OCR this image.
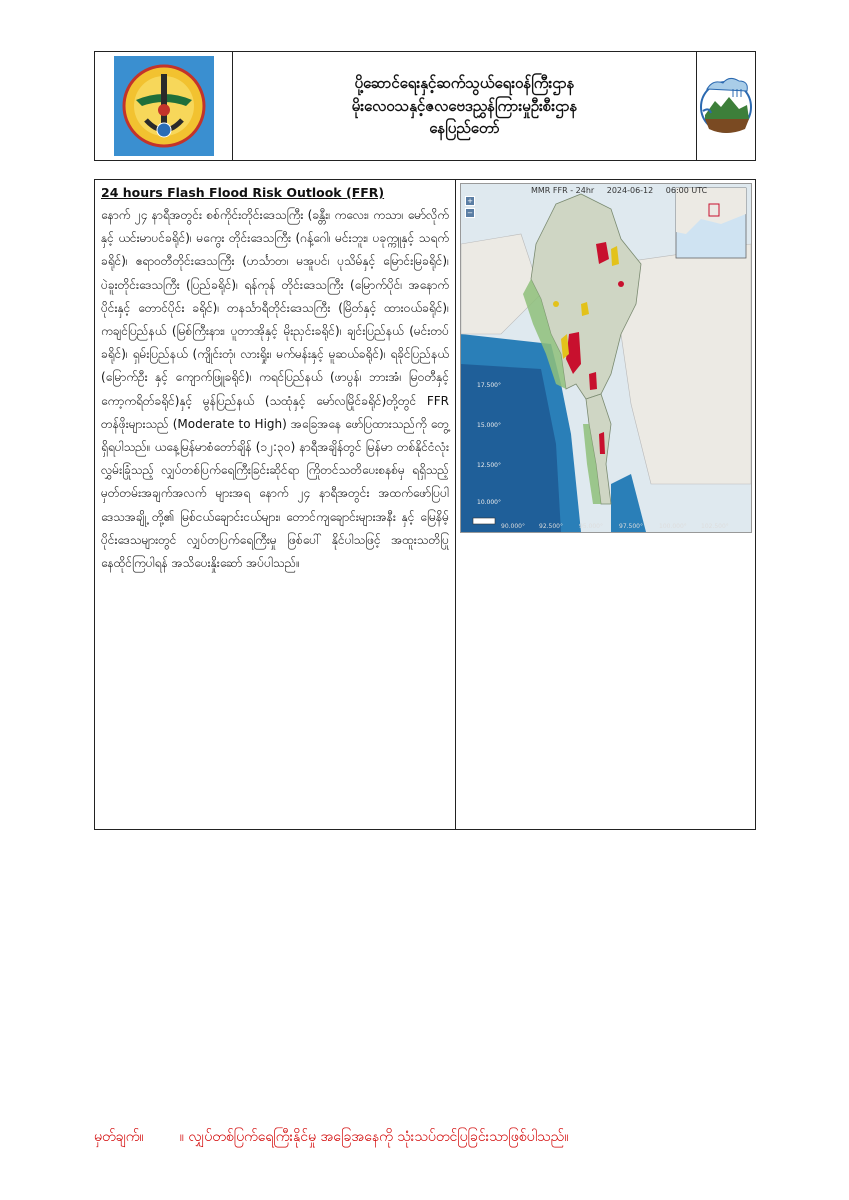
ပို့ဆောင်ရေးနှင့်ဆက်သွယ်ရေးဝန်ကြီးဌာန
မိုးလေဝသနှင့်ဇလဗေဒညွှန်ကြားမှုဦးစီးဌာန
နေပြည်တော်

24 hours Flash Flood Risk Outlook (FFR)

နောက် ၂၄ နာရီအတွင်း စစ်ကိုင်းတိုင်းဒေသကြီး (ခန္တီး၊ ကလေး၊ ကသာ၊ မော်လိုက်နှင့် ယင်းမာပင်ခရိုင်)၊ မကွေး တိုင်းဒေသကြီး (ဂန့်ဂေါ၊ မင်းဘူး၊ ပခုက္ကူနှင့် သရက်ခရိုင်)၊ ဧရာဝတီတိုင်းဒေသကြီး (ဟင်္သာတ၊ မအူပင်၊ ပုသိမ်နှင့် မြောင်းမြခရိုင်)၊ ပဲခူးတိုင်းဒေသကြီး (ပြည်ခရိုင်)၊ ရန်ကုန် တိုင်းဒေသကြီး (မြောက်ပိုင်၊ အနောက်ပိုင်းနှင့် တောင်ပိုင်း ခရိုင်)၊ တနင်္သာရီတိုင်းဒေသကြီး (မြိတ်နှင့် ထားဝယ်ခရိုင်)၊ ကချင်ပြည်နယ် (မြစ်ကြီးနား၊ ပူတာအိုနှင့် မိုးညှင်းခရိုင်)၊ ချင်းပြည်နယ် (မင်းတပ်ခရိုင်)၊ ရှမ်းပြည်နယ် (ကျိုင်းတုံ၊ လားရှိုး၊ မက်မန်းနှင့် မူဆယ်ခရိုင်)၊ ရခိုင်ပြည်နယ် (မြောက်ဦး နှင့် ကျောက်ဖြူခရိုင်)၊ ကရင်ပြည်နယ် (ဖာပွန်၊ ဘားအံ၊ မြဝတီနှင့် ကော့ကရိတ်ခရိုင်)နှင့် မွန်ပြည်နယ် (သထုံနှင့် မော်လမြိုင်ခရိုင်)တို့တွင် FFR တန်ဖိုးများသည် (Moderate to High) အခြေအနေ ဖော်ပြထားသည်ကို တွေ့ရှိရပါသည်။ ယနေ့မြန်မာစံတော်ချိန် (၁၂:၃၀) နာရီအချိန်တွင် မြန်မာ တစ်နိုင်ငံလုံး လွှမ်းခြုံသည့် လျှပ်တစ်ပြက်ရေကြီးခြင်းဆိုင်ရာ ကြိုတင်သတိပေးစနစ်မှ ရရှိသည့် မှတ်တမ်းအချက်အလက် များအရ နောက် ၂၄ နာရီအတွင်း အထက်ဖော်ပြပါ ဒေသအချို့ တို့၏ မြစ်ငယ်ချောင်းငယ်များ၊ တောင်ကျချောင်းများအနီး နှင့် မြေနိမ့်ပိုင်းဒေသများတွင် လျှပ်တပြက်ရေကြီးမှု ဖြစ်ပေါ် နိုင်ပါသဖြင့် အထူးသတိပြု နေထိုင်ကြပါရန် အသိပေးနှိုးဆော် အပ်ပါသည်။

MMR FFR - 24hr 2024-06-12 06:00 UTC
+
−
17.500°
15.000°
12.500°
10.000°
90.000° 92.500°	95.000°	97.500°	100.000° 102.500°
မှတ်ချက်။	။ လျှပ်တစ်ပြက်ရေကြီးနိုင်မှု အခြေအနေကို သုံးသပ်တင်ပြခြင်းသာဖြစ်ပါသည်။
